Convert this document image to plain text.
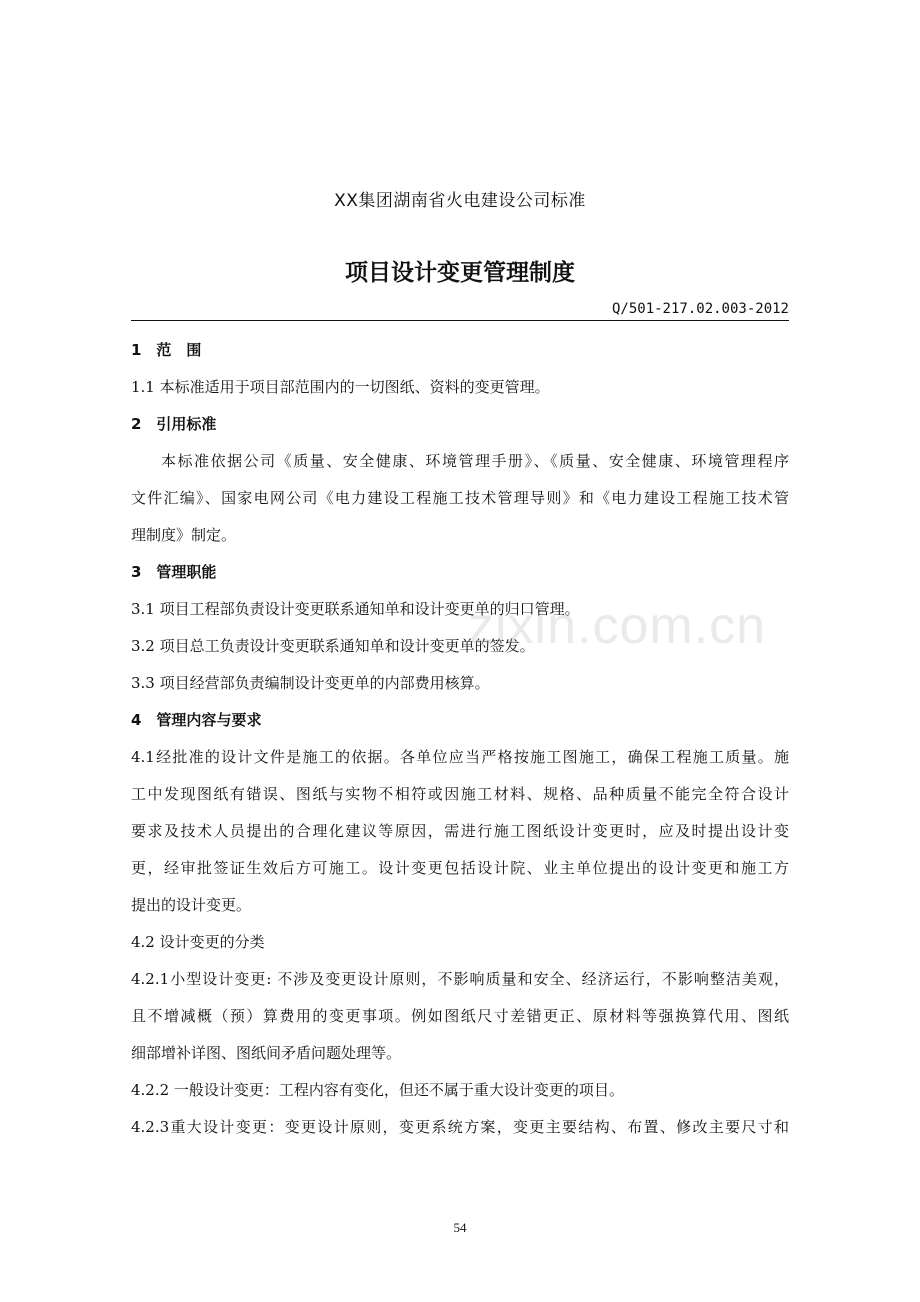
XX集团湖南省火电建设公司标准
项目设计变更管理制度
Q/501-217.02.003-2012
1　范　围
1.1 本标准适用于项目部范围内的一切图纸、资料的变更管理。
2　引用标准
本标准依据公司《质量、安全健康、环境管理手册》、《质量、安全健康、环境管理程序
文件汇编》、国家电网公司《电力建设工程施工技术管理导则》和《电力建设工程施工技术管
理制度》制定。
3　管理职能
3.1 项目工程部负责设计变更联系通知单和设计变更单的归口管理。
3.2 项目总工负责设计变更联系通知单和设计变更单的签发。
3.3 项目经营部负责编制设计变更单的内部费用核算。
4　管理内容与要求
4.1经批准的设计文件是施工的依据。各单位应当严格按施工图施工，确保工程施工质量。施
工中发现图纸有错误、图纸与实物不相符或因施工材料、规格、品种质量不能完全符合设计
要求及技术人员提出的合理化建议等原因，需进行施工图纸设计变更时，应及时提出设计变
更，经审批签证生效后方可施工。设计变更包括设计院、业主单位提出的设计变更和施工方
提出的设计变更。
4.2 设计变更的分类
4.2.1小型设计变更: 不涉及变更设计原则，不影响质量和安全、经济运行，不影响整洁美观，
且不增减概（预）算费用的变更事项。例如图纸尺寸差错更正、原材料等强换算代用、图纸
细部增补详图、图纸间矛盾问题处理等。
4.2.2 一般设计变更：工程内容有变化，但还不属于重大设计变更的项目。
4.2.3重大设计变更：变更设计原则，变更系统方案，变更主要结构、布置、修改主要尺寸和
zixin.com.cn
54
